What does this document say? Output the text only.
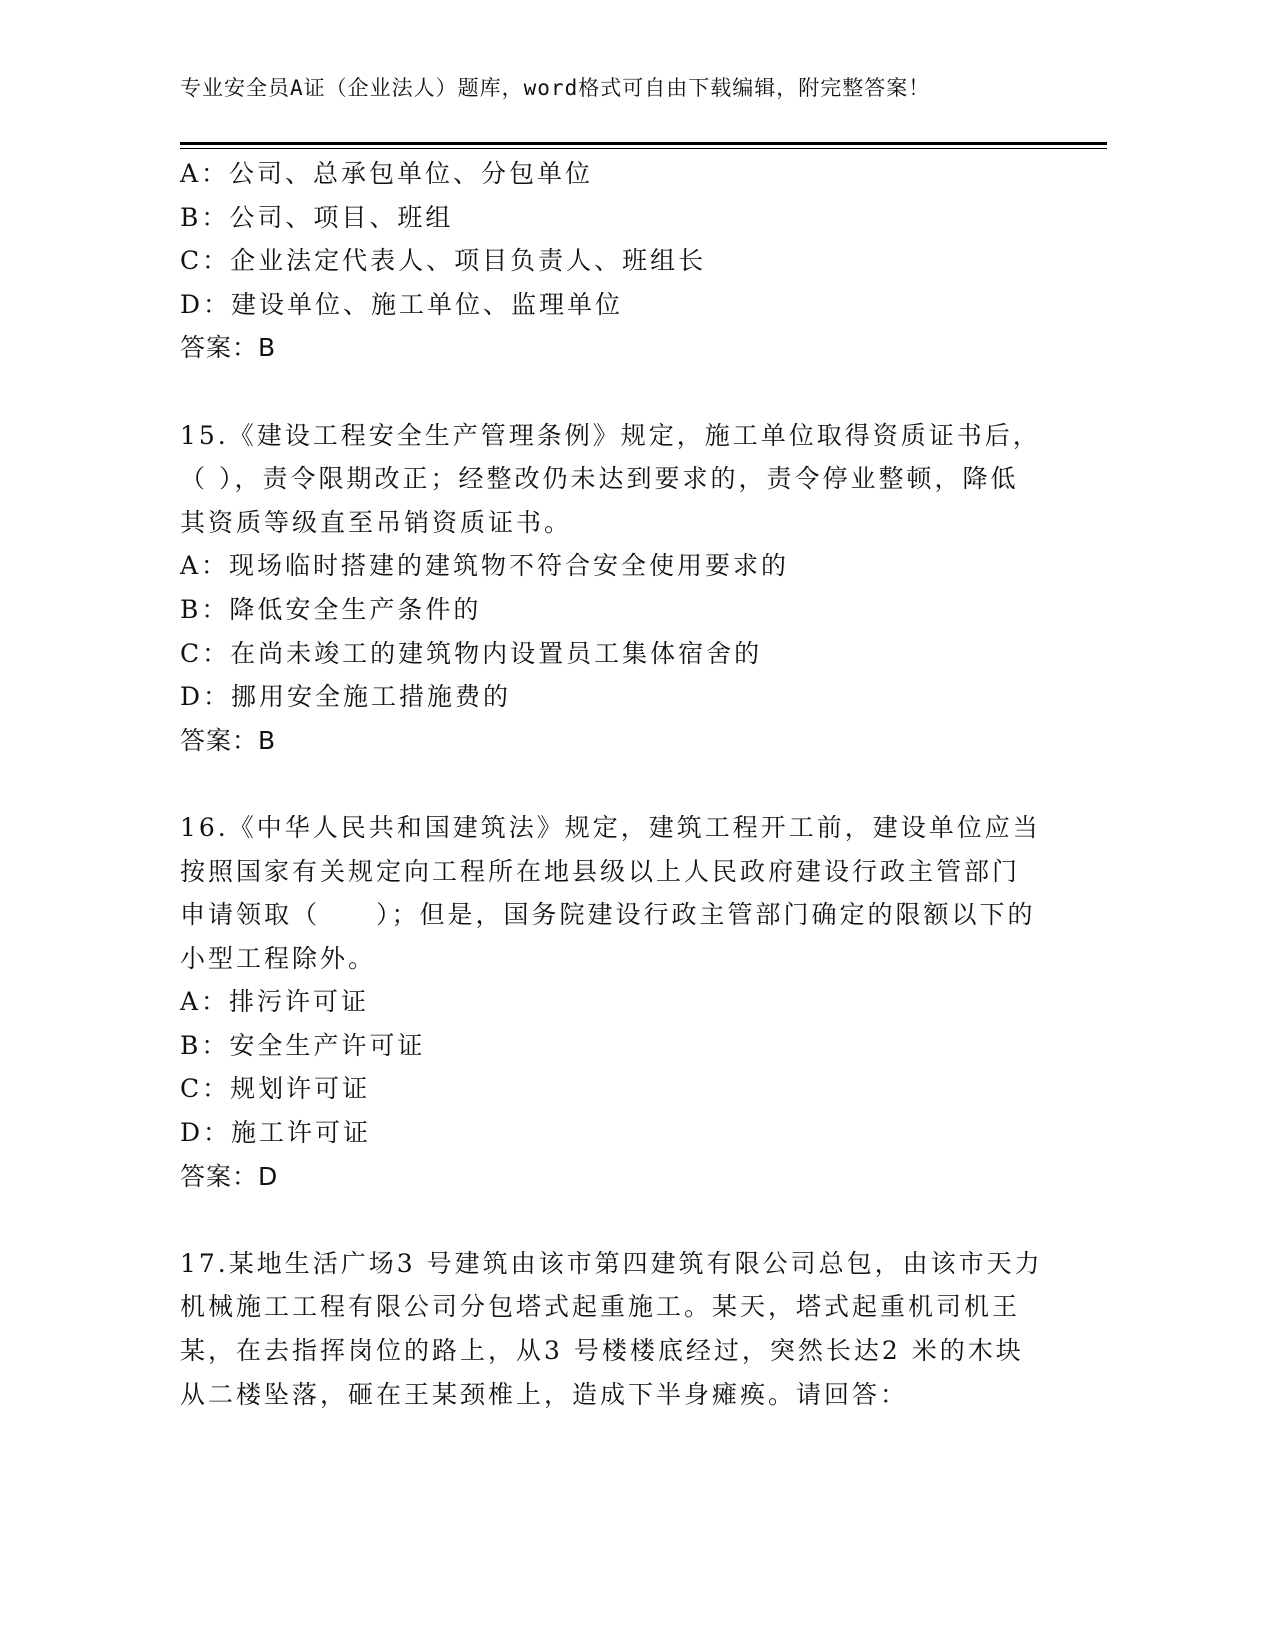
专业安全员A证（企业法人）题库，word格式可自由下载编辑，附完整答案！
A：公司、总承包单位、分包单位
B：公司、项目、班组
C：企业法定代表人、项目负责人、班组长
D：建设单位、施工单位、监理单位
答案：B
15.《建设工程安全生产管理条例》规定，施工单位取得资质证书后，
（ ），责令限期改正；经整改仍未达到要求的，责令停业整顿，降低
其资质等级直至吊销资质证书。
A：现场临时搭建的建筑物不符合安全使用要求的
B：降低安全生产条件的
C：在尚未竣工的建筑物内设置员工集体宿舍的
D：挪用安全施工措施费的
答案：B
16.《中华人民共和国建筑法》规定，建筑工程开工前，建设单位应当
按照国家有关规定向工程所在地县级以上人民政府建设行政主管部门
申请领取（　　）；但是，国务院建设行政主管部门确定的限额以下的
小型工程除外。
A：排污许可证
B：安全生产许可证
C：规划许可证
D：施工许可证
答案：D
17.某地生活广场3 号建筑由该市第四建筑有限公司总包，由该市天力
机械施工工程有限公司分包塔式起重施工。某天，塔式起重机司机王
某，在去指挥岗位的路上，从3 号楼楼底经过，突然长达2 米的木块
从二楼坠落，砸在王某颈椎上，造成下半身瘫痪。请回答：
